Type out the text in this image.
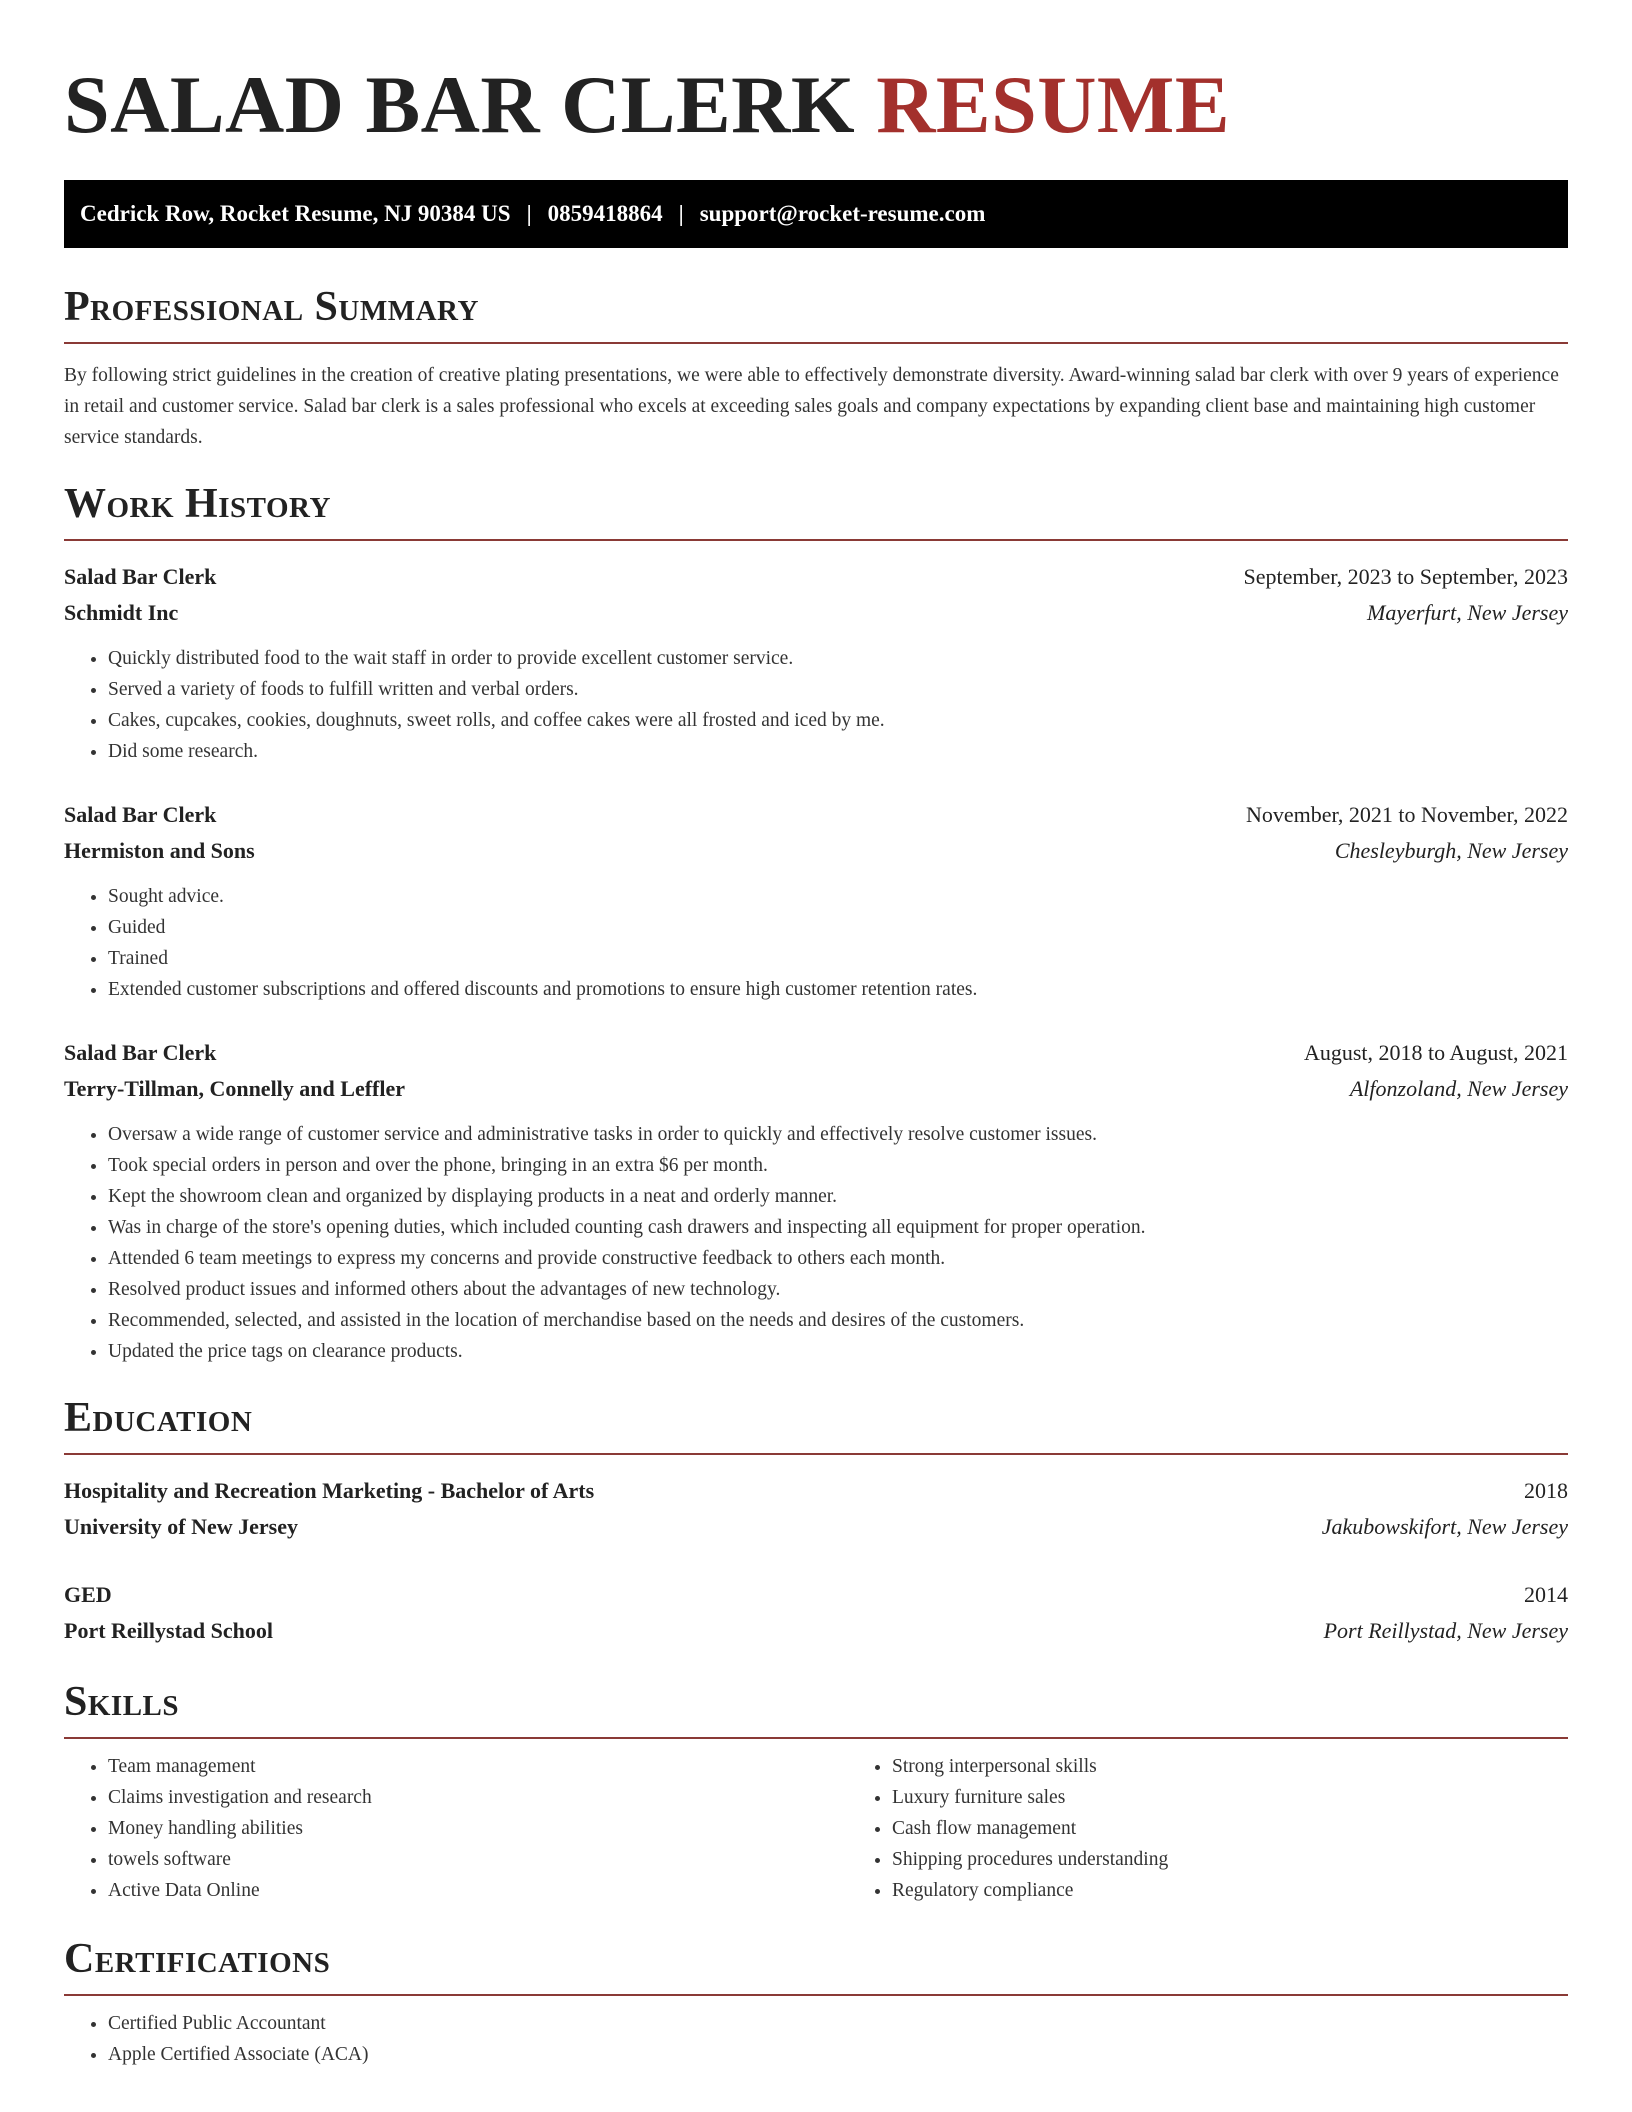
SALAD BAR CLERK RESUME
Cedrick Row, Rocket Resume, NJ 90384 US | 0859418864 | support@rocket-resume.com
Professional Summary

By following strict guidelines in the creation of creative plating presentations, we were able to effectively demonstrate diversity. Award-winning salad bar clerk with over 9 years of experience in retail and customer service. Salad bar clerk is a sales professional who excels at exceeding sales goals and company expectations by expanding client base and maintaining high customer service standards.

Work History
Salad Bar Clerk	September, 2023 to September, 2023
Schmidt Inc	Mayerfurt, New Jersey
• Quickly distributed food to the wait staff in order to provide excellent customer service.
• Served a variety of foods to fulfill written and verbal orders.
• Cakes, cupcakes, cookies, doughnuts, sweet rolls, and coffee cakes were all frosted and iced by me.
• Did some research.
Salad Bar Clerk	November, 2021 to November, 2022
Hermiston and Sons	Chesleyburgh, New Jersey
• Sought advice.
• Guided
• Trained
• Extended customer subscriptions and offered discounts and promotions to ensure high customer retention rates.
Salad Bar Clerk	August, 2018 to August, 2021
Terry-Tillman, Connelly and Leffler	Alfonzoland, New Jersey
• Oversaw a wide range of customer service and administrative tasks in order to quickly and effectively resolve customer issues.
• Took special orders in person and over the phone, bringing in an extra $6 per month.
• Kept the showroom clean and organized by displaying products in a neat and orderly manner.
• Was in charge of the store's opening duties, which included counting cash drawers and inspecting all equipment for proper operation.
• Attended 6 team meetings to express my concerns and provide constructive feedback to others each month.
• Resolved product issues and informed others about the advantages of new technology.
• Recommended, selected, and assisted in the location of merchandise based on the needs and desires of the customers.
• Updated the price tags on clearance products.
Education
Hospitality and Recreation Marketing - Bachelor of Arts	2018
University of New Jersey	Jakubowskifort, New Jersey
GED	2014
Port Reillystad School	Port Reillystad, New Jersey
Skills
• Team management
• Claims investigation and research
• Money handling abilities
• towels software
• Active Data Online
• Strong interpersonal skills
• Luxury furniture sales
• Cash flow management
• Shipping procedures understanding
• Regulatory compliance
Certifications
• Certified Public Accountant
• Apple Certified Associate (ACA)
